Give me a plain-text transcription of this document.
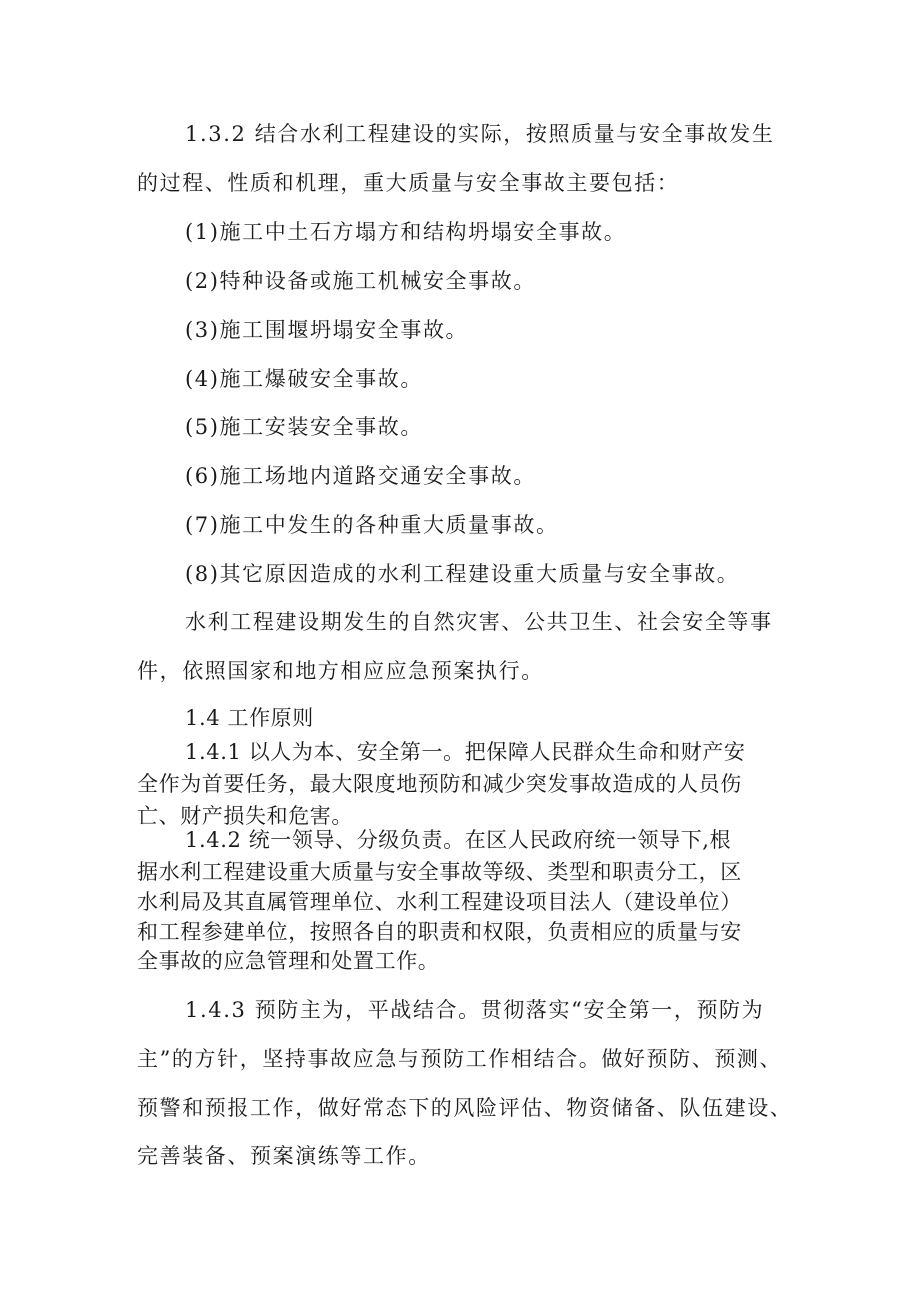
1.3.2 结合水利工程建设的实际，按照质量与安全事故发生

的过程、性质和机理，重大质量与安全事故主要包括：

(1)施工中土石方塌方和结构坍塌安全事故。

(2)特种设备或施工机械安全事故。

(3)施工围堰坍塌安全事故。

(4)施工爆破安全事故。

(5)施工安装安全事故。

(6)施工场地内道路交通安全事故。

(7)施工中发生的各种重大质量事故。

(8)其它原因造成的水利工程建设重大质量与安全事故。

水利工程建设期发生的自然灾害、公共卫生、社会安全等事

件，依照国家和地方相应应急预案执行。

1.4 工作原则

1.4.1 以人为本、安全第一。把保障人民群众生命和财产安

全作为首要任务，最大限度地预防和减少突发事故造成的人员伤

亡、财产损失和危害。

1.4.2 统一领导、分级负责。在区人民政府统一领导下,根

据水利工程建设重大质量与安全事故等级、类型和职责分工，区

水利局及其直属管理单位、水利工程建设项目法人（建设单位）

和工程参建单位，按照各自的职责和权限，负责相应的质量与安

全事故的应急管理和处置工作。

1.4.3 预防主为，平战结合。贯彻落实“安全第一，预防为

主”的方针，坚持事故应急与预防工作相结合。做好预防、预测、

预警和预报工作，做好常态下的风险评估、物资储备、队伍建设、

完善装备、预案演练等工作。
